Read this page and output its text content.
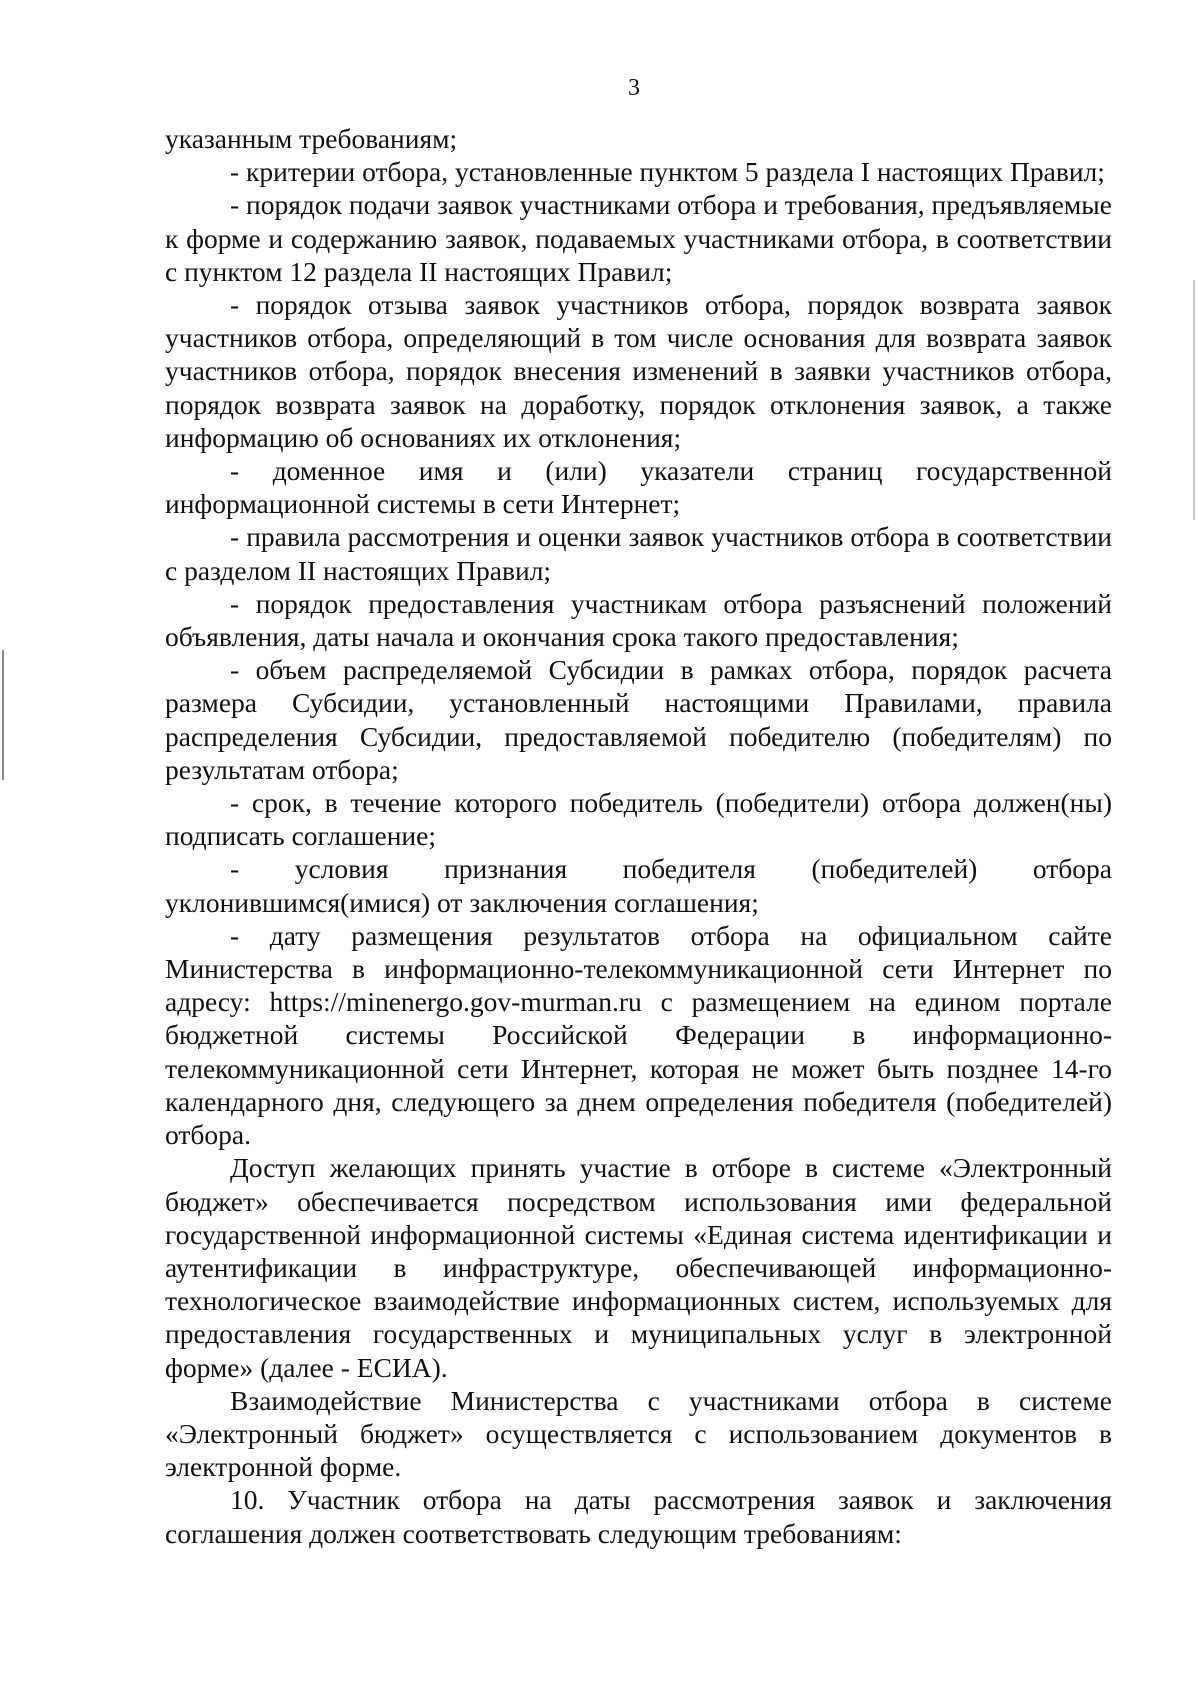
3

указанным требованиям;

- критерии отбора, установленные пунктом 5 раздела I настоящих Правил;

- порядок подачи заявок участниками отбора и требования, предъявляемые к форме и содержанию заявок, подаваемых участниками отбора, в соответствии с пунктом 12 раздела II настоящих Правил;

- порядок отзыва заявок участников отбора, порядок возврата заявок участников отбора, определяющий в том числе основания для возврата заявок участников отбора, порядок внесения изменений в заявки участников отбора, порядок возврата заявок на доработку, порядок отклонения заявок, а также информацию об основаниях их отклонения;

- доменное имя и (или) указатели страниц государственной информационной системы в сети Интернет;

- правила рассмотрения и оценки заявок участников отбора в соответствии с разделом II настоящих Правил;

- порядок предоставления участникам отбора разъяснений положений объявления, даты начала и окончания срока такого предоставления;

- объем распределяемой Субсидии в рамках отбора, порядок расчета размера Субсидии, установленный настоящими Правилами, правила распределения Субсидии, предоставляемой победителю (победителям) по результатам отбора;

- срок, в течение которого победитель (победители) отбора должен(ны) подписать соглашение;

- условия признания победителя (победителей) отбора уклонившимся(имися) от заключения соглашения;

- дату размещения результатов отбора на официальном сайте Министерства в информационно-телекоммуникационной сети Интернет по адресу: https://minenergo.gov-murman.ru с размещением на едином портале бюджетной системы Российской Федерации в информационно-телекоммуникационной сети Интернет, которая не может быть позднее 14-го календарного дня, следующего за днем определения победителя (победителей) отбора.

Доступ желающих принять участие в отборе в системе «Электронный бюджет» обеспечивается посредством использования ими федеральной государственной информационной системы «Единая система идентификации и аутентификации в инфраструктуре, обеспечивающей информационно-технологическое взаимодействие информационных систем, используемых для предоставления государственных и муниципальных услуг в электронной форме» (далее - ЕСИА).

Взаимодействие Министерства с участниками отбора в системе «Электронный бюджет» осуществляется с использованием документов в электронной форме.

10. Участник отбора на даты рассмотрения заявок и заключения соглашения должен соответствовать следующим требованиям:
